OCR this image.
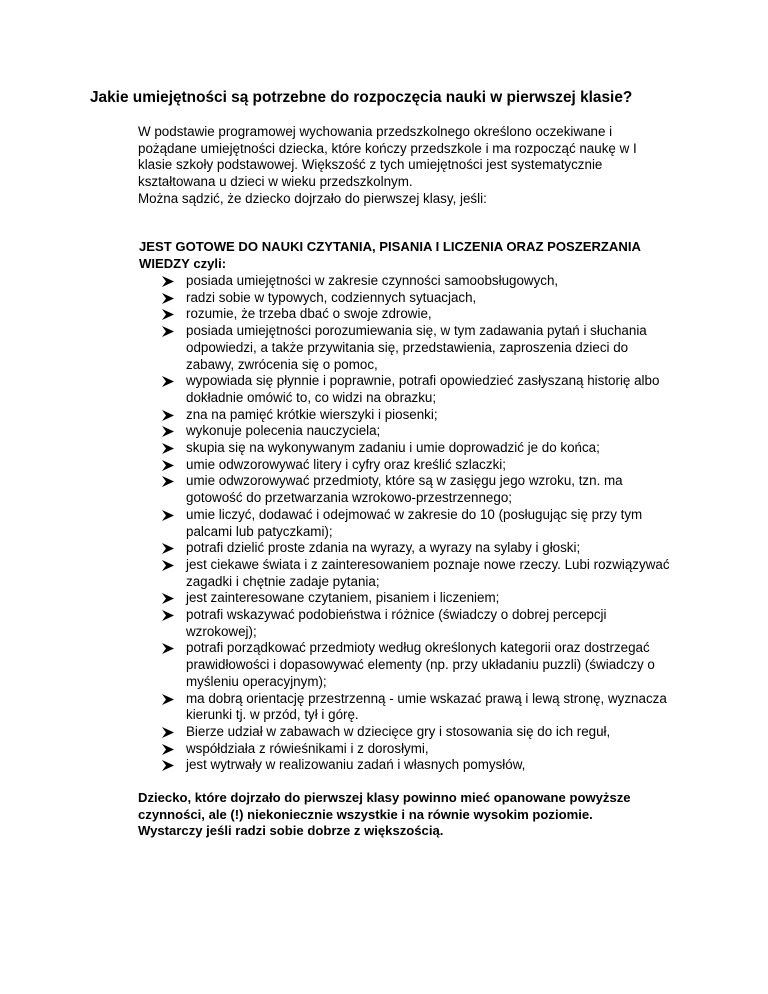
Jakie umiejętności są potrzebne do rozpoczęcia nauki w pierwszej klasie?

W podstawie programowej wychowania przedszkolnego określono oczekiwane i pożądane umiejętności dziecka, które kończy przedszkole i ma rozpocząć naukę w I klasie szkoły podstawowej. Większość z tych umiejętności jest systematycznie kształtowana u dzieci w wieku przedszkolnym.

Można sądzić, że dziecko dojrzało do pierwszej klasy, jeśli:

JEST GOTOWE DO NAUKI CZYTANIA, PISANIA I LICZENIA ORAZ POSZERZANIA WIEDZY czyli:
posiada umiejętności w zakresie czynności samoobsługowych,
radzi sobie w typowych, codziennych sytuacjach,
rozumie, że trzeba dbać o swoje zdrowie,
posiada umiejętności porozumiewania się, w tym zadawania pytań i słuchania odpowiedzi, a także przywitania się, przedstawienia, zaproszenia dzieci do zabawy, zwrócenia się o pomoc,
wypowiada się płynnie i poprawnie, potrafi opowiedzieć zasłyszaną historię albo dokładnie omówić to, co widzi na obrazku;
zna na pamięć krótkie wierszyki i piosenki;
wykonuje polecenia nauczyciela;
skupia się na wykonywanym zadaniu i umie doprowadzić je do końca;
umie odwzorowywać litery i cyfry oraz kreślić szlaczki;
umie odwzorowywać przedmioty, które są w zasięgu jego wzroku, tzn. ma gotowość do przetwarzania wzrokowo-przestrzennego;
umie liczyć, dodawać i odejmować w zakresie do 10 (posługując się przy tym palcami lub patyczkami);
potrafi dzielić proste zdania na wyrazy, a wyrazy na sylaby i głoski;
jest ciekawe świata i z zainteresowaniem poznaje nowe rzeczy. Lubi rozwiązywać zagadki i chętnie zadaje pytania;
jest zainteresowane czytaniem, pisaniem i liczeniem;
potrafi wskazywać podobieństwa i różnice (świadczy o dobrej percepcji wzrokowej);
potrafi porządkować przedmioty według określonych kategorii oraz dostrzegać prawidłowości i dopasowywać elementy (np. przy układaniu puzzli) (świadczy o myśleniu operacyjnym);
ma dobrą orientację przestrzenną - umie wskazać prawą i lewą stronę, wyznacza kierunki tj. w przód, tył i górę.
Bierze udział w zabawach w dziecięce gry i stosowania się do ich reguł,
współdziała z rówieśnikami i z dorosłymi,
jest wytrwały w realizowaniu zadań i własnych pomysłów,
Dziecko, które dojrzało do pierwszej klasy powinno mieć opanowane powyższe czynności, ale (!) niekoniecznie wszystkie i na równie wysokim poziomie. Wystarczy jeśli radzi sobie dobrze z większością.
